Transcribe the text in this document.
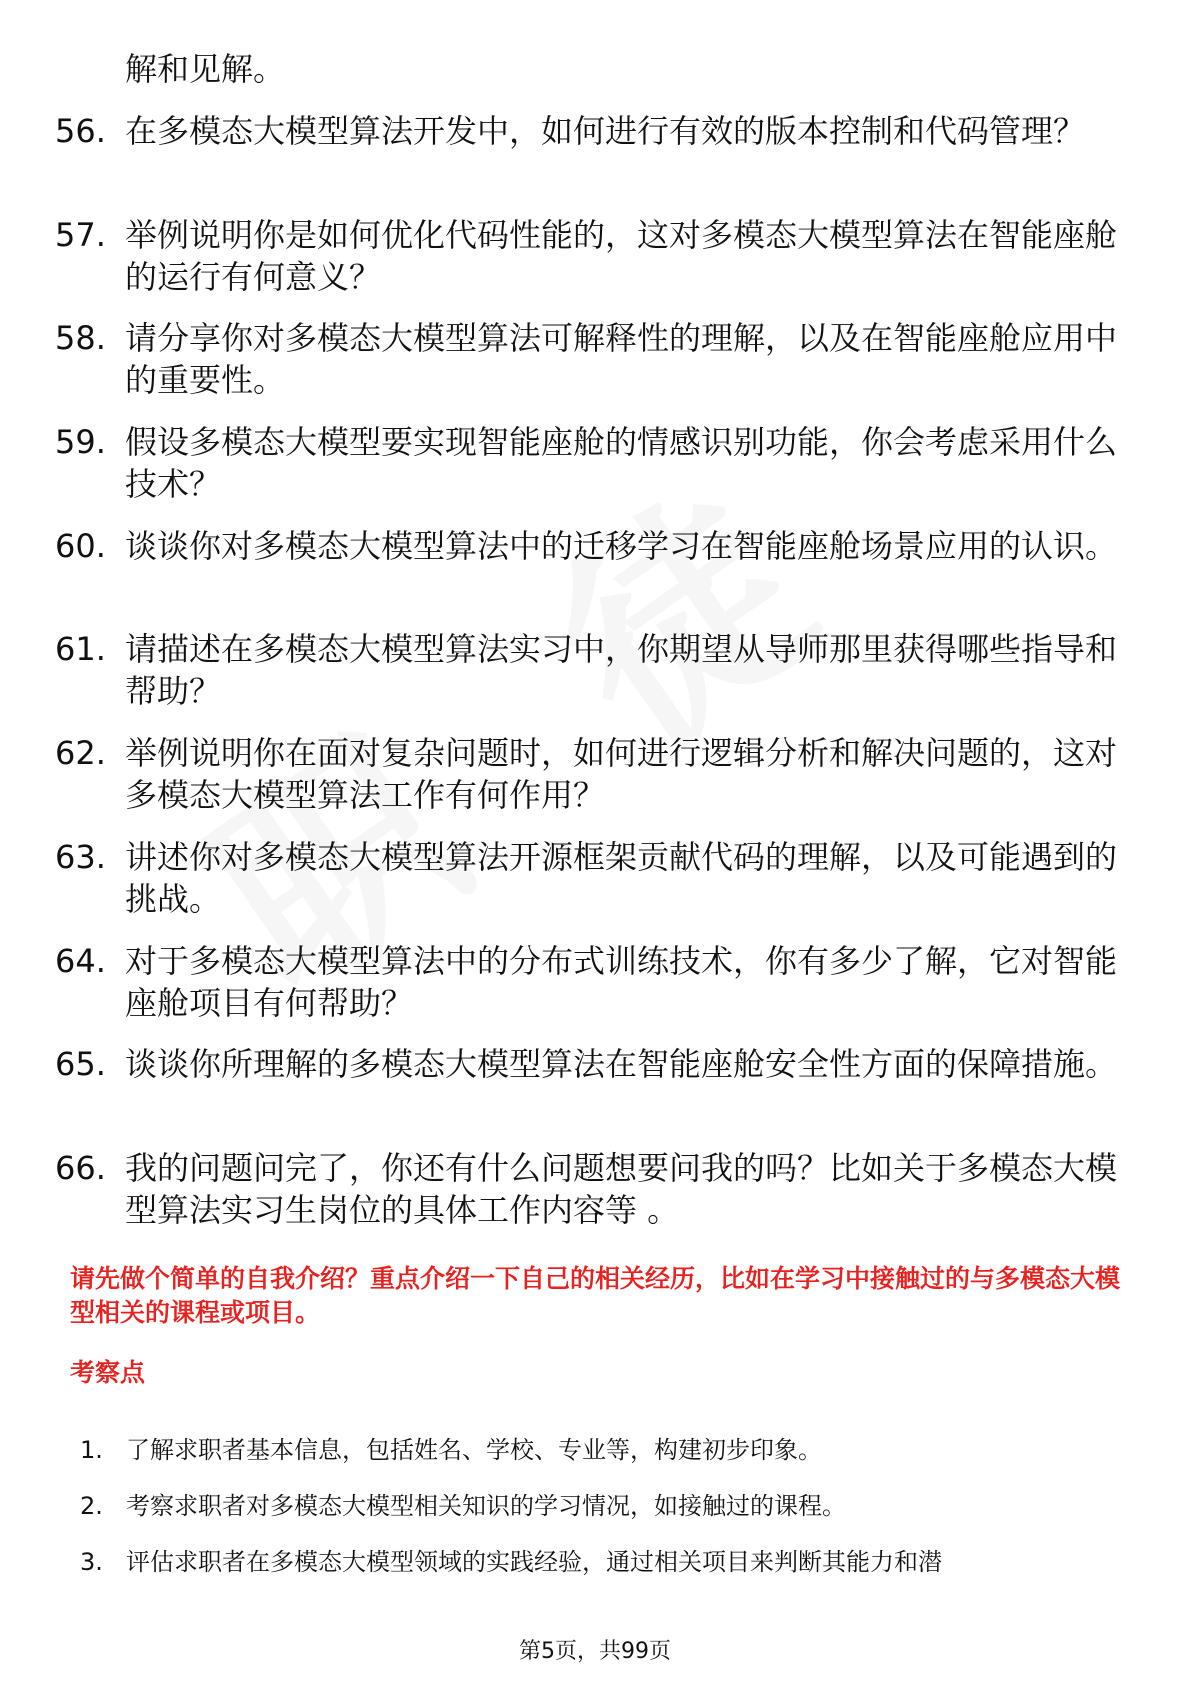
解和见解。
56. 在多模态大模型算法开发中，如何进行有效的版本控制和代码管理？
57. 举例说明你是如何优化代码性能的，这对多模态大模型算法在智能座舱的运行有何意义？
58. 请分享你对多模态大模型算法可解释性的理解，以及在智能座舱应用中的重要性。
59. 假设多模态大模型要实现智能座舱的情感识别功能，你会考虑采用什么技术？
60. 谈谈你对多模态大模型算法中的迁移学习在智能座舱场景应用的认识。
61. 请描述在多模态大模型算法实习中，你期望从导师那里获得哪些指导和帮助？
62. 举例说明你在面对复杂问题时，如何进行逻辑分析和解决问题的，这对多模态大模型算法工作有何作用？
63. 讲述你对多模态大模型算法开源框架贡献代码的理解，以及可能遇到的挑战。
64. 对于多模态大模型算法中的分布式训练技术，你有多少了解，它对智能座舱项目有何帮助？
65. 谈谈你所理解的多模态大模型算法在智能座舱安全性方面的保障措施。
66. 我的问题问完了，你还有什么问题想要问我的吗？比如关于多模态大模型算法实习生岗位的具体工作内容等 。
请先做个简单的自我介绍？重点介绍一下自己的相关经历，比如在学习中接触过的与多模态大模型相关的课程或项目。
考察点
1. 了解求职者基本信息，包括姓名、学校、专业等，构建初步印象。
2. 考察求职者对多模态大模型相关知识的学习情况，如接触过的课程。
3. 评估求职者在多模态大模型领域的实践经验，通过相关项目来判断其能力和潜
第5页，共99页
